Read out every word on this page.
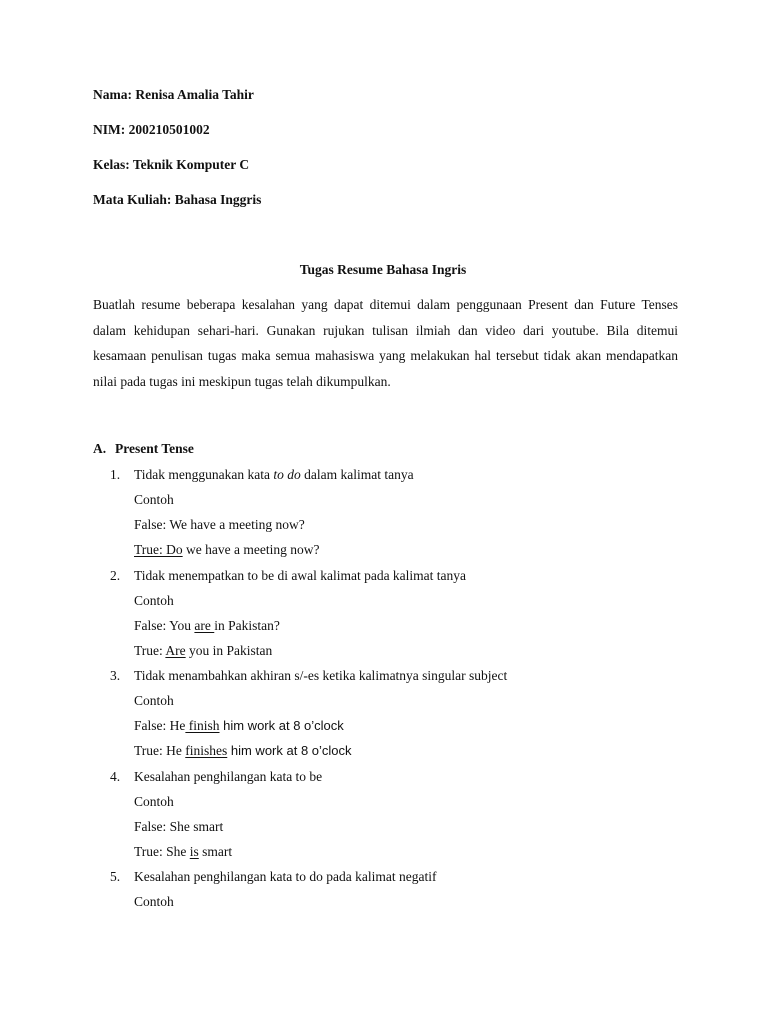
Nama: Renisa Amalia Tahir
NIM: 200210501002
Kelas: Teknik Komputer C
Mata Kuliah: Bahasa Inggris
Tugas Resume Bahasa Ingris
Buatlah resume beberapa kesalahan yang dapat ditemui dalam penggunaan Present dan Future Tenses dalam kehidupan sehari-hari. Gunakan rujukan tulisan ilmiah dan video dari youtube. Bila ditemui kesamaan penulisan tugas maka semua mahasiswa yang melakukan hal tersebut tidak akan mendapatkan nilai pada tugas ini meskipun tugas telah dikumpulkan.
A. Present Tense
1. Tidak menggunakan kata to do dalam kalimat tanya
Contoh
False: We have a meeting now?
True: Do we have a meeting now?
2. Tidak menempatkan to be di awal kalimat pada kalimat tanya
Contoh
False: You are in Pakistan?
True: Are you in Pakistan
3. Tidak menambahkan akhiran s/-es ketika kalimatnya singular subject
Contoh
False: He finish him work at 8 o’clock
True: He finishes him work at 8 o’clock
4. Kesalahan penghilangan kata to be
Contoh
False: She smart
True: She is smart
5. Kesalahan penghilangan kata to do pada kalimat negatif
Contoh
